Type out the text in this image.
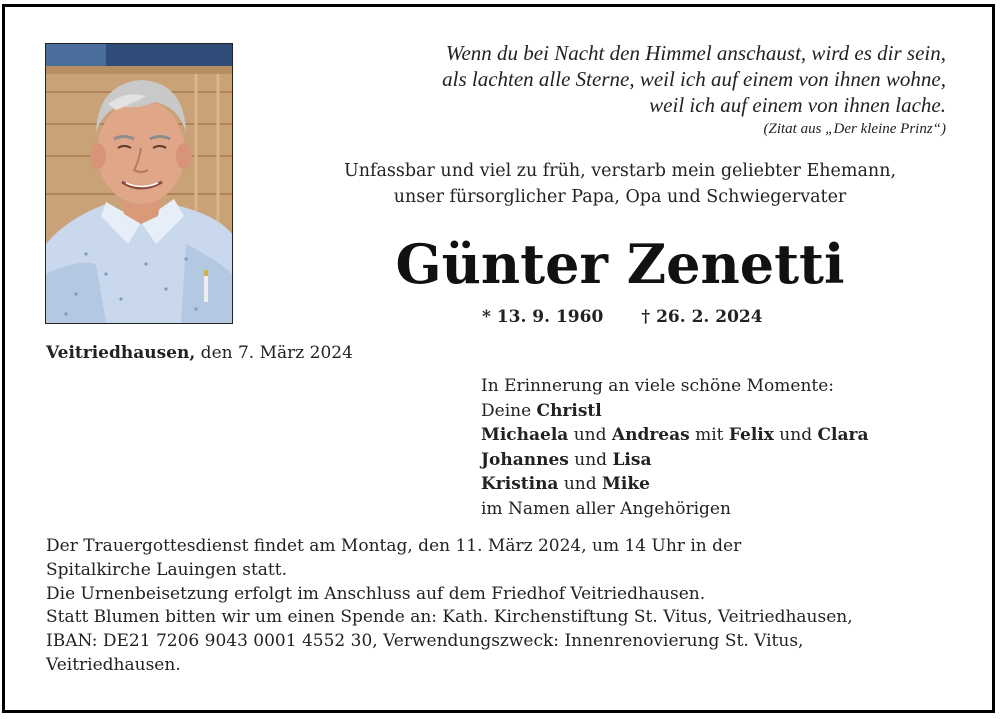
Wenn du bei Nacht den Himmel anschaust, wird es dir sein,
als lachten alle Sterne, weil ich auf einem von ihnen wohne,
weil ich auf einem von ihnen lache.
(Zitat aus „Der kleine Prinz“)
Unfassbar und viel zu früh, verstarb mein geliebter Ehemann,
unser fürsorglicher Papa, Opa und Schwiegervater
Günter Zenetti
* 13. 9. 1960 † 26. 2. 2024
Veitriedhausen, den 7. März 2024
In Erinnerung an viele schöne Momente:
Deine Christl
Michaela und Andreas mit Felix und Clara
Johannes und Lisa
Kristina und Mike
im Namen aller Angehörigen
Der Trauergottesdienst findet am Montag, den 11. März 2024, um 14 Uhr in der
Spitalkirche Lauingen statt.
Die Urnenbeisetzung erfolgt im Anschluss auf dem Friedhof Veitriedhausen.
Statt Blumen bitten wir um einen Spende an: Kath. Kirchenstiftung St. Vitus, Veitriedhausen,
IBAN: DE21 7206 9043 0001 4552 30, Verwendungszweck: Innenrenovierung St. Vitus,
Veitriedhausen.
